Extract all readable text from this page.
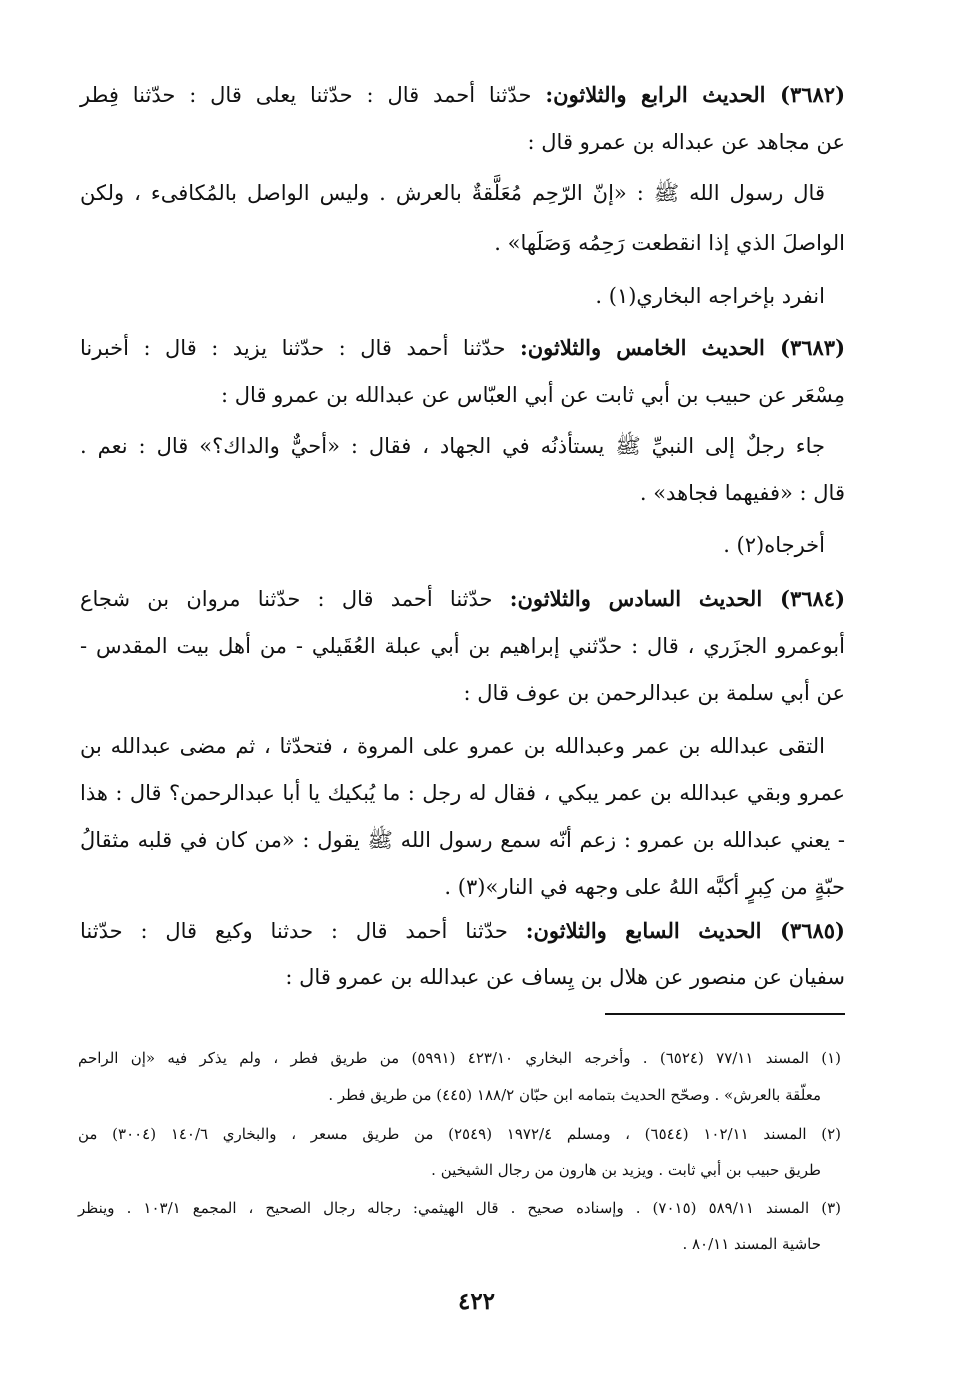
(٣٦٨٢) الحديث الرابع والثلاثون: حدّثنا أحمد قال : حدّثنا يعلى قال : حدّثنا فِطر
عن مجاهد عن عبداله بن عمرو قال :
قال رسول الله ﷺ : «إنّ الرّحِم مُعَلَّقةٌ بالعرش . وليس الواصل بالمُكافىء ، ولكن
الواصلَ الذي إذا انقطعت رَحِمُه وَصَلَها» .
انفرد بإخراجه البخاري(١) .
(٣٦٨٣) الحديث الخامس والثلاثون: حدّثنا أحمد قال : حدّثنا يزيد : قال : أخبرنا
مِسْعَر عن حبيب بن أبي ثابت عن أبي العبّاس عن عبدالله بن عمرو قال :
جاء رجلٌ إلى النبيِّ ﷺ يستأذنُه في الجهاد ، فقال : «أحيٌّ والداك؟» قال : نعم .
قال : «ففيهما فجاهد» .
أخرجاه(٢) .
(٣٦٨٤) الحديث السادس والثلاثون: حدّثنا أحمد قال : حدّثنا مروان بن شجاع
أبوعمرو الجزَري ، قال : حدّثني إبراهيم بن أبي عبلة العُقَيلي - من أهل بيت المقدس -
عن أبي سلمة بن عبدالرحمن بن عوف قال :
التقى عبدالله بن عمر وعبدالله بن عمرو على المروة ، فتحدّثا ، ثم مضى عبدالله بن
عمرو وبقي عبدالله بن عمر يبكي ، فقال له رجل : ما يُبكيك يا أبا عبدالرحمن؟ قال : هذا
- يعني عبدالله بن عمرو : زعم أنّه سمع رسول الله ﷺ يقول : «من كان في قلبه مثقالُ
حبّةٍ من كِبرٍ أكبَّه اللهُ على وجهه في النار»(٣) .
(٣٦٨٥) الحديث السابع والثلاثون: حدّثنا أحمد قال : حدثنا وكيع قال : حدّثنا
سفيان عن منصور عن هلال بن يِساف عن عبدالله بن عمرو قال :
(١) المسند ٧٧/١١ (٦٥٢٤) . وأخرجه البخاري ٤٢٣/١٠ (٥٩٩١) من طريق فطر ، ولم يذكر فيه «إن الراحم
معلّقة بالعرش» . وصحّح الحديث بتمامه ابن حبّان ١٨٨/٢ (٤٤٥) من طريق فطر .
(٢) المسند ١٠٢/١١ (٦٥٤٤) ، ومسلم ١٩٧٢/٤ (٢٥٤٩) من طريق مسعر ، والبخاري ١٤٠/٦ (٣٠٠٤) من
طريق حبيب بن أبي ثابت . ويزيد بن هارون من رجال الشيخين .
(٣) المسند ٥٨٩/١١ (٧٠١٥) . وإسناده صحيح . قال الهيثمي: رجاله رجال الصحيح ، المجمع ١٠٣/١ . وينظر
حاشية المسند ٨٠/١١ .
٤٢٢
